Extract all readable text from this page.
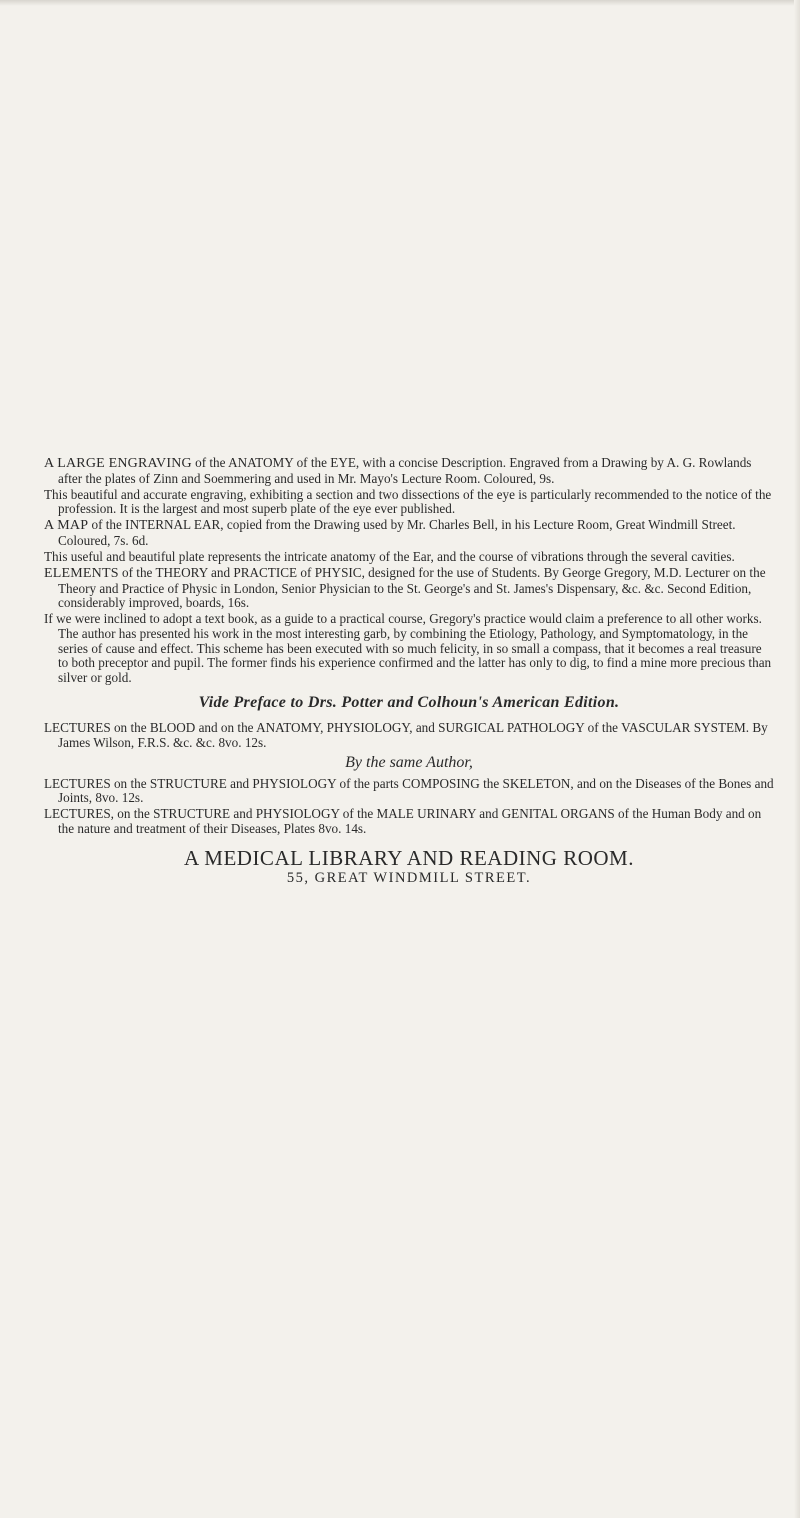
A LARGE ENGRAVING of the ANATOMY of the EYE, with a concise Description. Engraved from a Drawing by A. G. Rowlands after the plates of Zinn and Soemmering and used in Mr. Mayo's Lecture Room. Coloured, 9s.
This beautiful and accurate engraving, exhibiting a section and two dissections of the eye is particularly recommended to the notice of the profession. It is the largest and most superb plate of the eye ever published.
A MAP of the INTERNAL EAR, copied from the Drawing used by Mr. Charles Bell, in his Lecture Room, Great Windmill Street. Coloured, 7s. 6d.
This useful and beautiful plate represents the intricate anatomy of the Ear, and the course of vibrations through the several cavities.
ELEMENTS of the THEORY and PRACTICE of PHYSIC, designed for the use of Students. By George Gregory, M.D. Lecturer on the Theory and Practice of Physic in London, Senior Physician to the St. George's and St. James's Dispensary, &c. &c. Second Edition, considerably improved, boards, 16s.
If we were inclined to adopt a text book, as a guide to a practical course, Gregory's practice would claim a preference to all other works. The author has presented his work in the most interesting garb, by combining the Etiology, Pathology, and Symptomatology, in the series of cause and effect. This scheme has been executed with so much felicity, in so small a compass, that it becomes a real treasure to both preceptor and pupil. The former finds his experience confirmed and the latter has only to dig, to find a mine more precious than silver or gold.
Vide Preface to Drs. Potter and Colhoun's American Edition.
LECTURES on the BLOOD and on the ANATOMY, PHYSIOLOGY, and SURGICAL PATHOLOGY of the VASCULAR SYSTEM. By James Wilson, F.R.S. &c. &c. 8vo. 12s.
By the same Author,
LECTURES on the STRUCTURE and PHYSIOLOGY of the parts COMPOSING the SKELETON, and on the Diseases of the Bones and Joints, 8vo. 12s.
LECTURES, on the STRUCTURE and PHYSIOLOGY of the MALE URINARY and GENITAL ORGANS of the Human Body and on the nature and treatment of their Diseases, Plates 8vo. 14s.
A MEDICAL LIBRARY AND READING ROOM.
55, GREAT WINDMILL STREET.
